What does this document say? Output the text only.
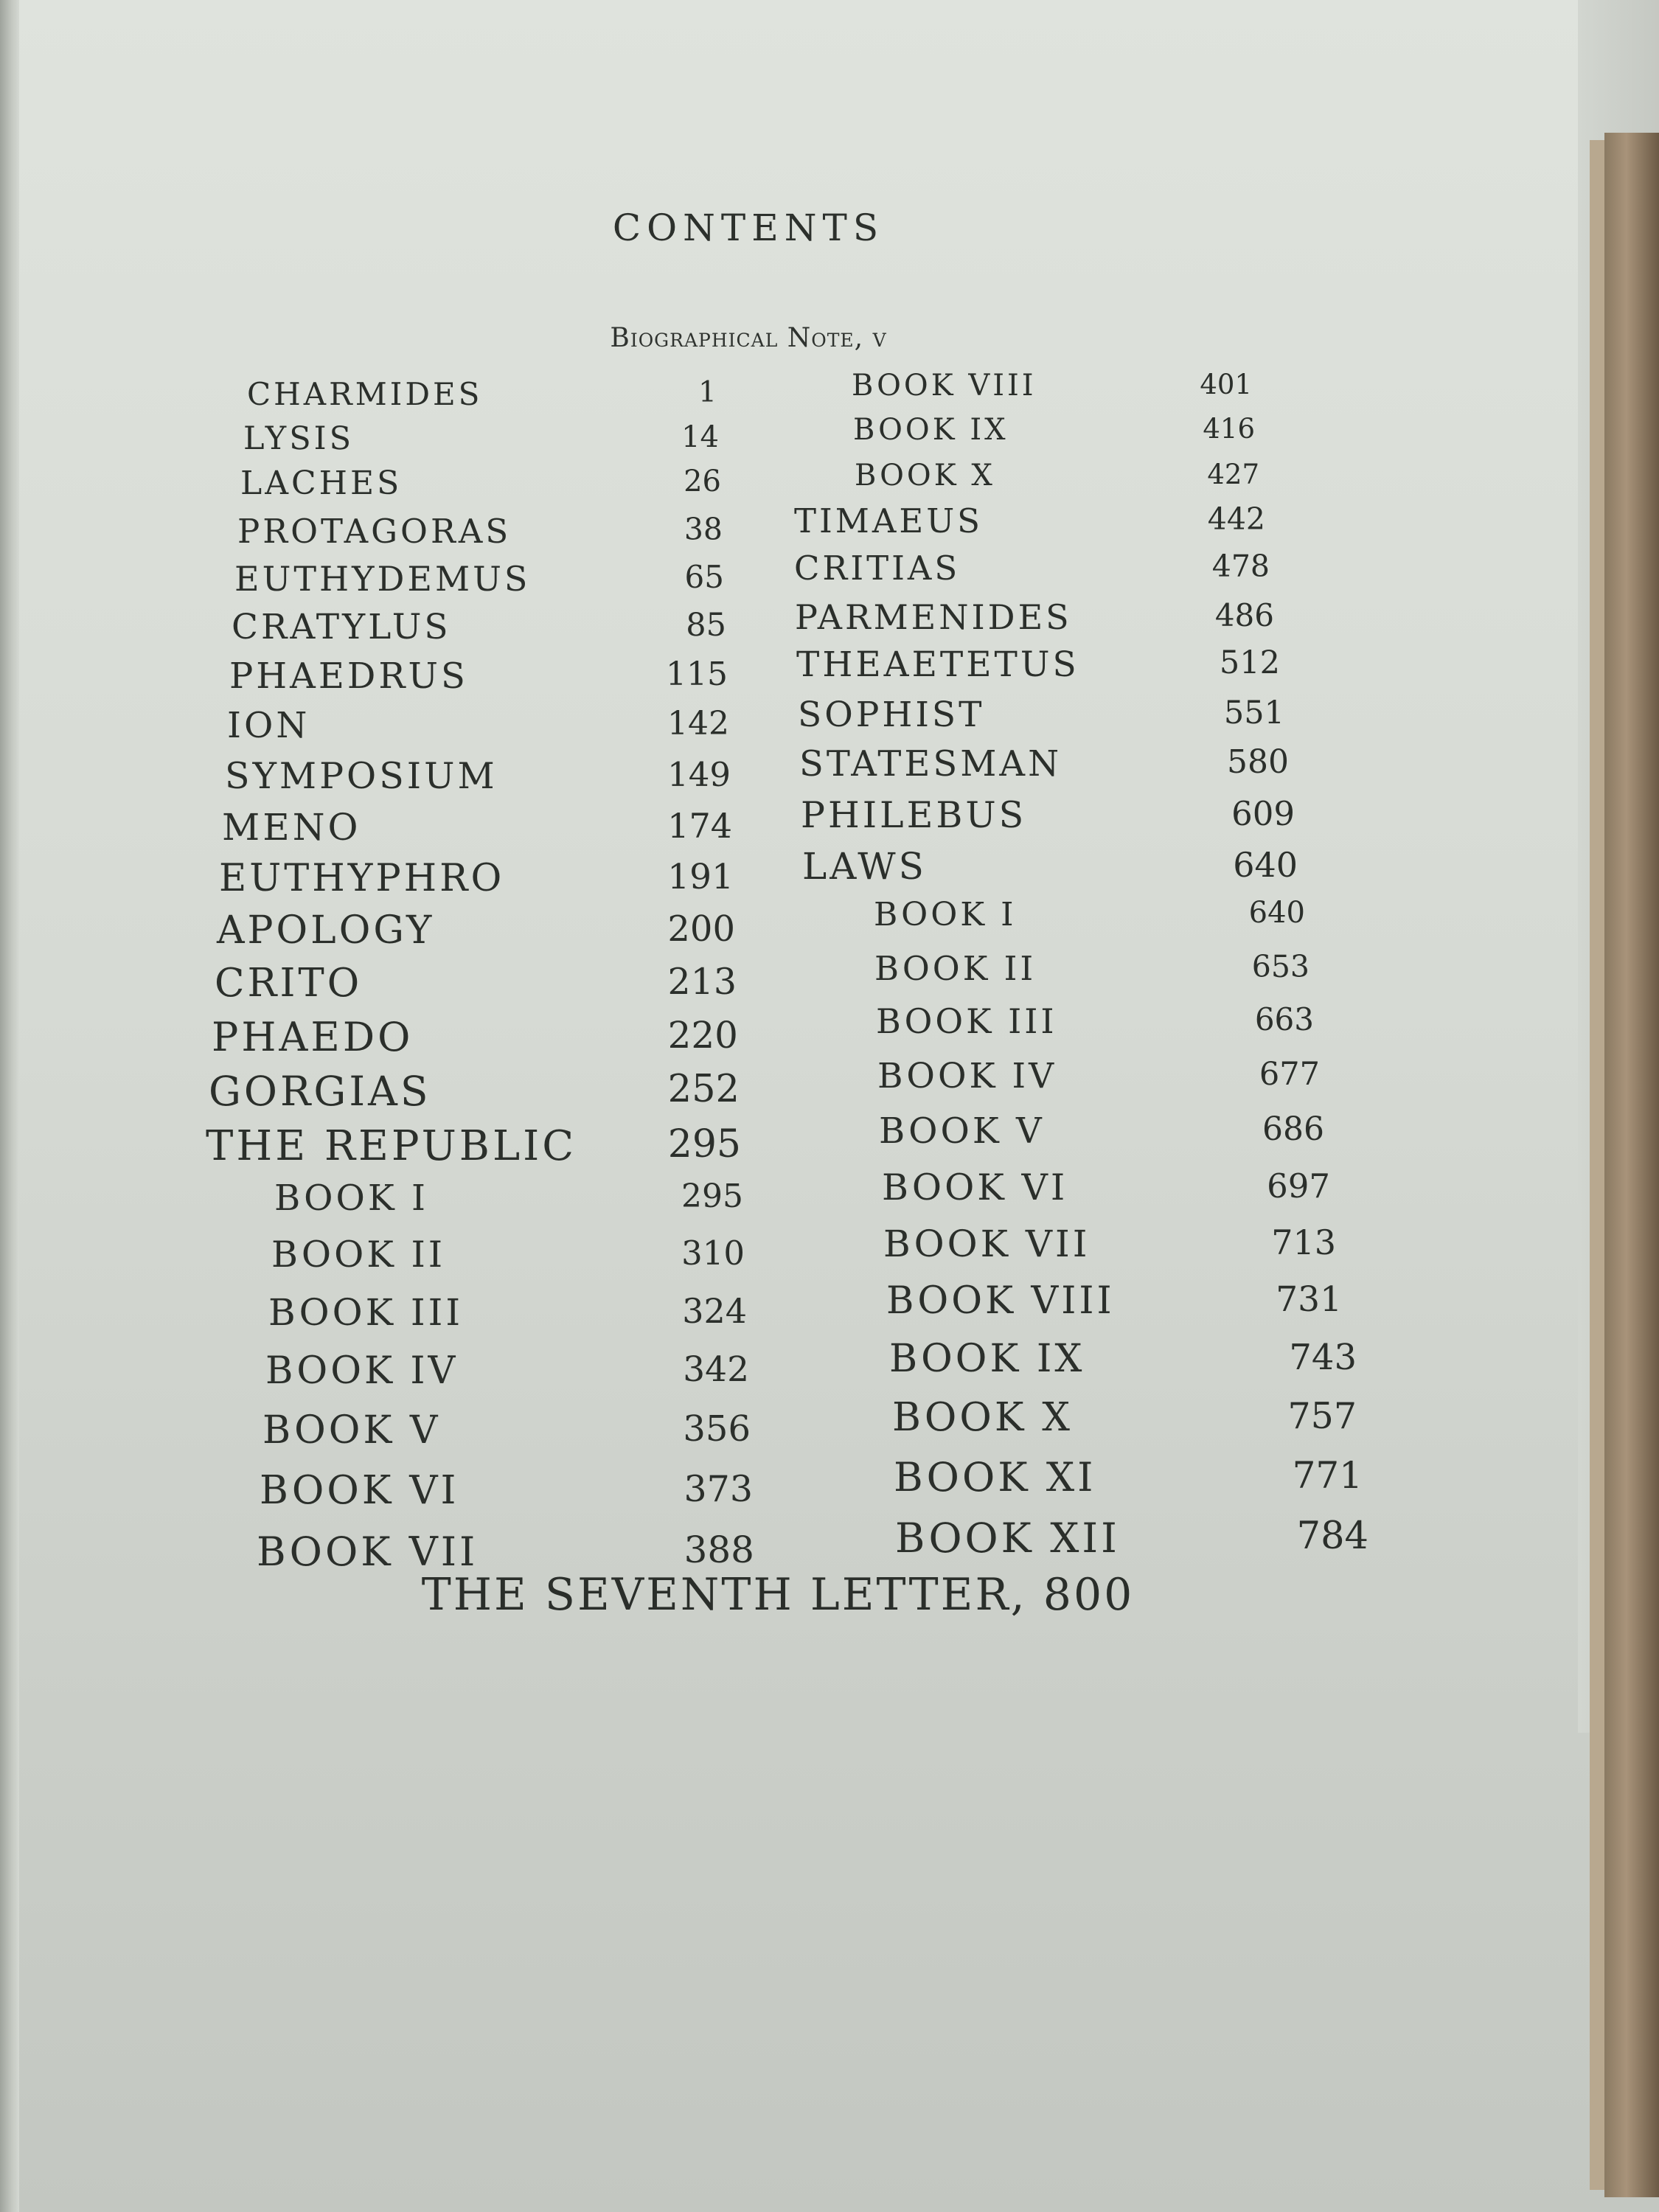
CONTENTS
Biographical Note, v
CHARMIDES	1
LYSIS	14
LACHES	26
PROTAGORAS	38
EUTHYDEMUS	65
CRATYLUS	85
PHAEDRUS	115
ION	142
SYMPOSIUM	149
MENO	174
EUTHYPHRO	191
APOLOGY	200
CRITO	213
PHAEDO	220
GORGIAS	252
THE REPUBLIC	295
BOOK I	295
BOOK II	310
BOOK III	324
BOOK IV	342
BOOK V	356
BOOK VI	373
BOOK VII	388
BOOK VIII	401
BOOK IX	416
BOOK X	427
TIMAEUS	442
CRITIAS	478
PARMENIDES	486
THEAETETUS	512
SOPHIST	551
STATESMAN	580
PHILEBUS	609
LAWS	640
BOOK I	640
BOOK II	653
BOOK III	663
BOOK IV	677
BOOK V	686
BOOK VI	697
BOOK VII	713
BOOK VIII	731
BOOK IX	743
BOOK X	757
BOOK XI	771
BOOK XII	784
THE SEVENTH LETTER, 800
